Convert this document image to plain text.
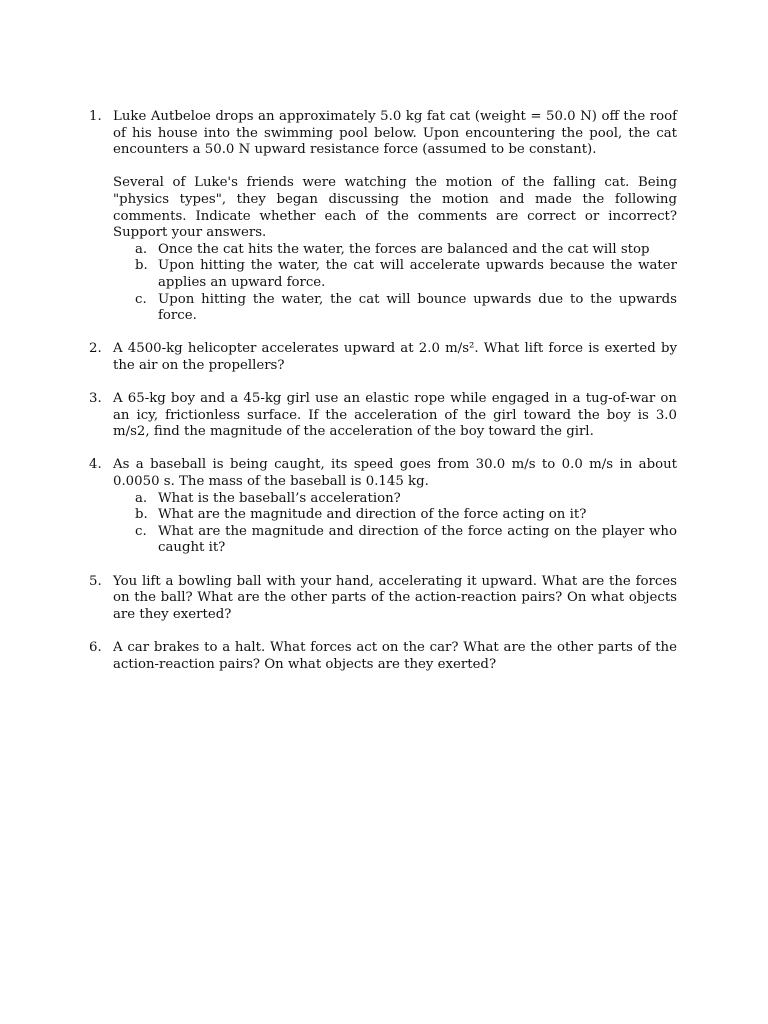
1. Luke Autbeloe drops an approximately 5.0 kg fat cat (weight = 50.0 N) off the roof of his house into the swimming pool below. Upon encountering the pool, the cat encounters a 50.0 N upward resistance force (assumed to be constant).

Several of Luke's friends were watching the motion of the falling cat. Being "physics types", they began discussing the motion and made the following comments. Indicate whether each of the comments are correct or incorrect? Support your answers.

a. Once the cat hits the water, the forces are balanced and the cat will stop
b. Upon hitting the water, the cat will accelerate upwards because the water applies an upward force.
c. Upon hitting the water, the cat will bounce upwards due to the upwards force.
2. A 4500-kg helicopter accelerates upward at 2.0 m/s². What lift force is exerted by the air on the propellers?

3. A 65-kg boy and a 45-kg girl use an elastic rope while engaged in a tug-of-war on an icy, frictionless surface. If the acceleration of the girl toward the boy is 3.0 m/s2, find the magnitude of the acceleration of the boy toward the girl.

4. As a baseball is being caught, its speed goes from 30.0 m/s to 0.0 m/s in about 0.0050 s. The mass of the baseball is 0.145 kg.

a. What is the baseball’s acceleration?
b. What are the magnitude and direction of the force acting on it?
c. What are the magnitude and direction of the force acting on the player who caught it?
5. You lift a bowling ball with your hand, accelerating it upward. What are the forces on the ball? What are the other parts of the action-reaction pairs? On what objects are they exerted?

6. A car brakes to a halt. What forces act on the car? What are the other parts of the action-reaction pairs? On what objects are they exerted?
